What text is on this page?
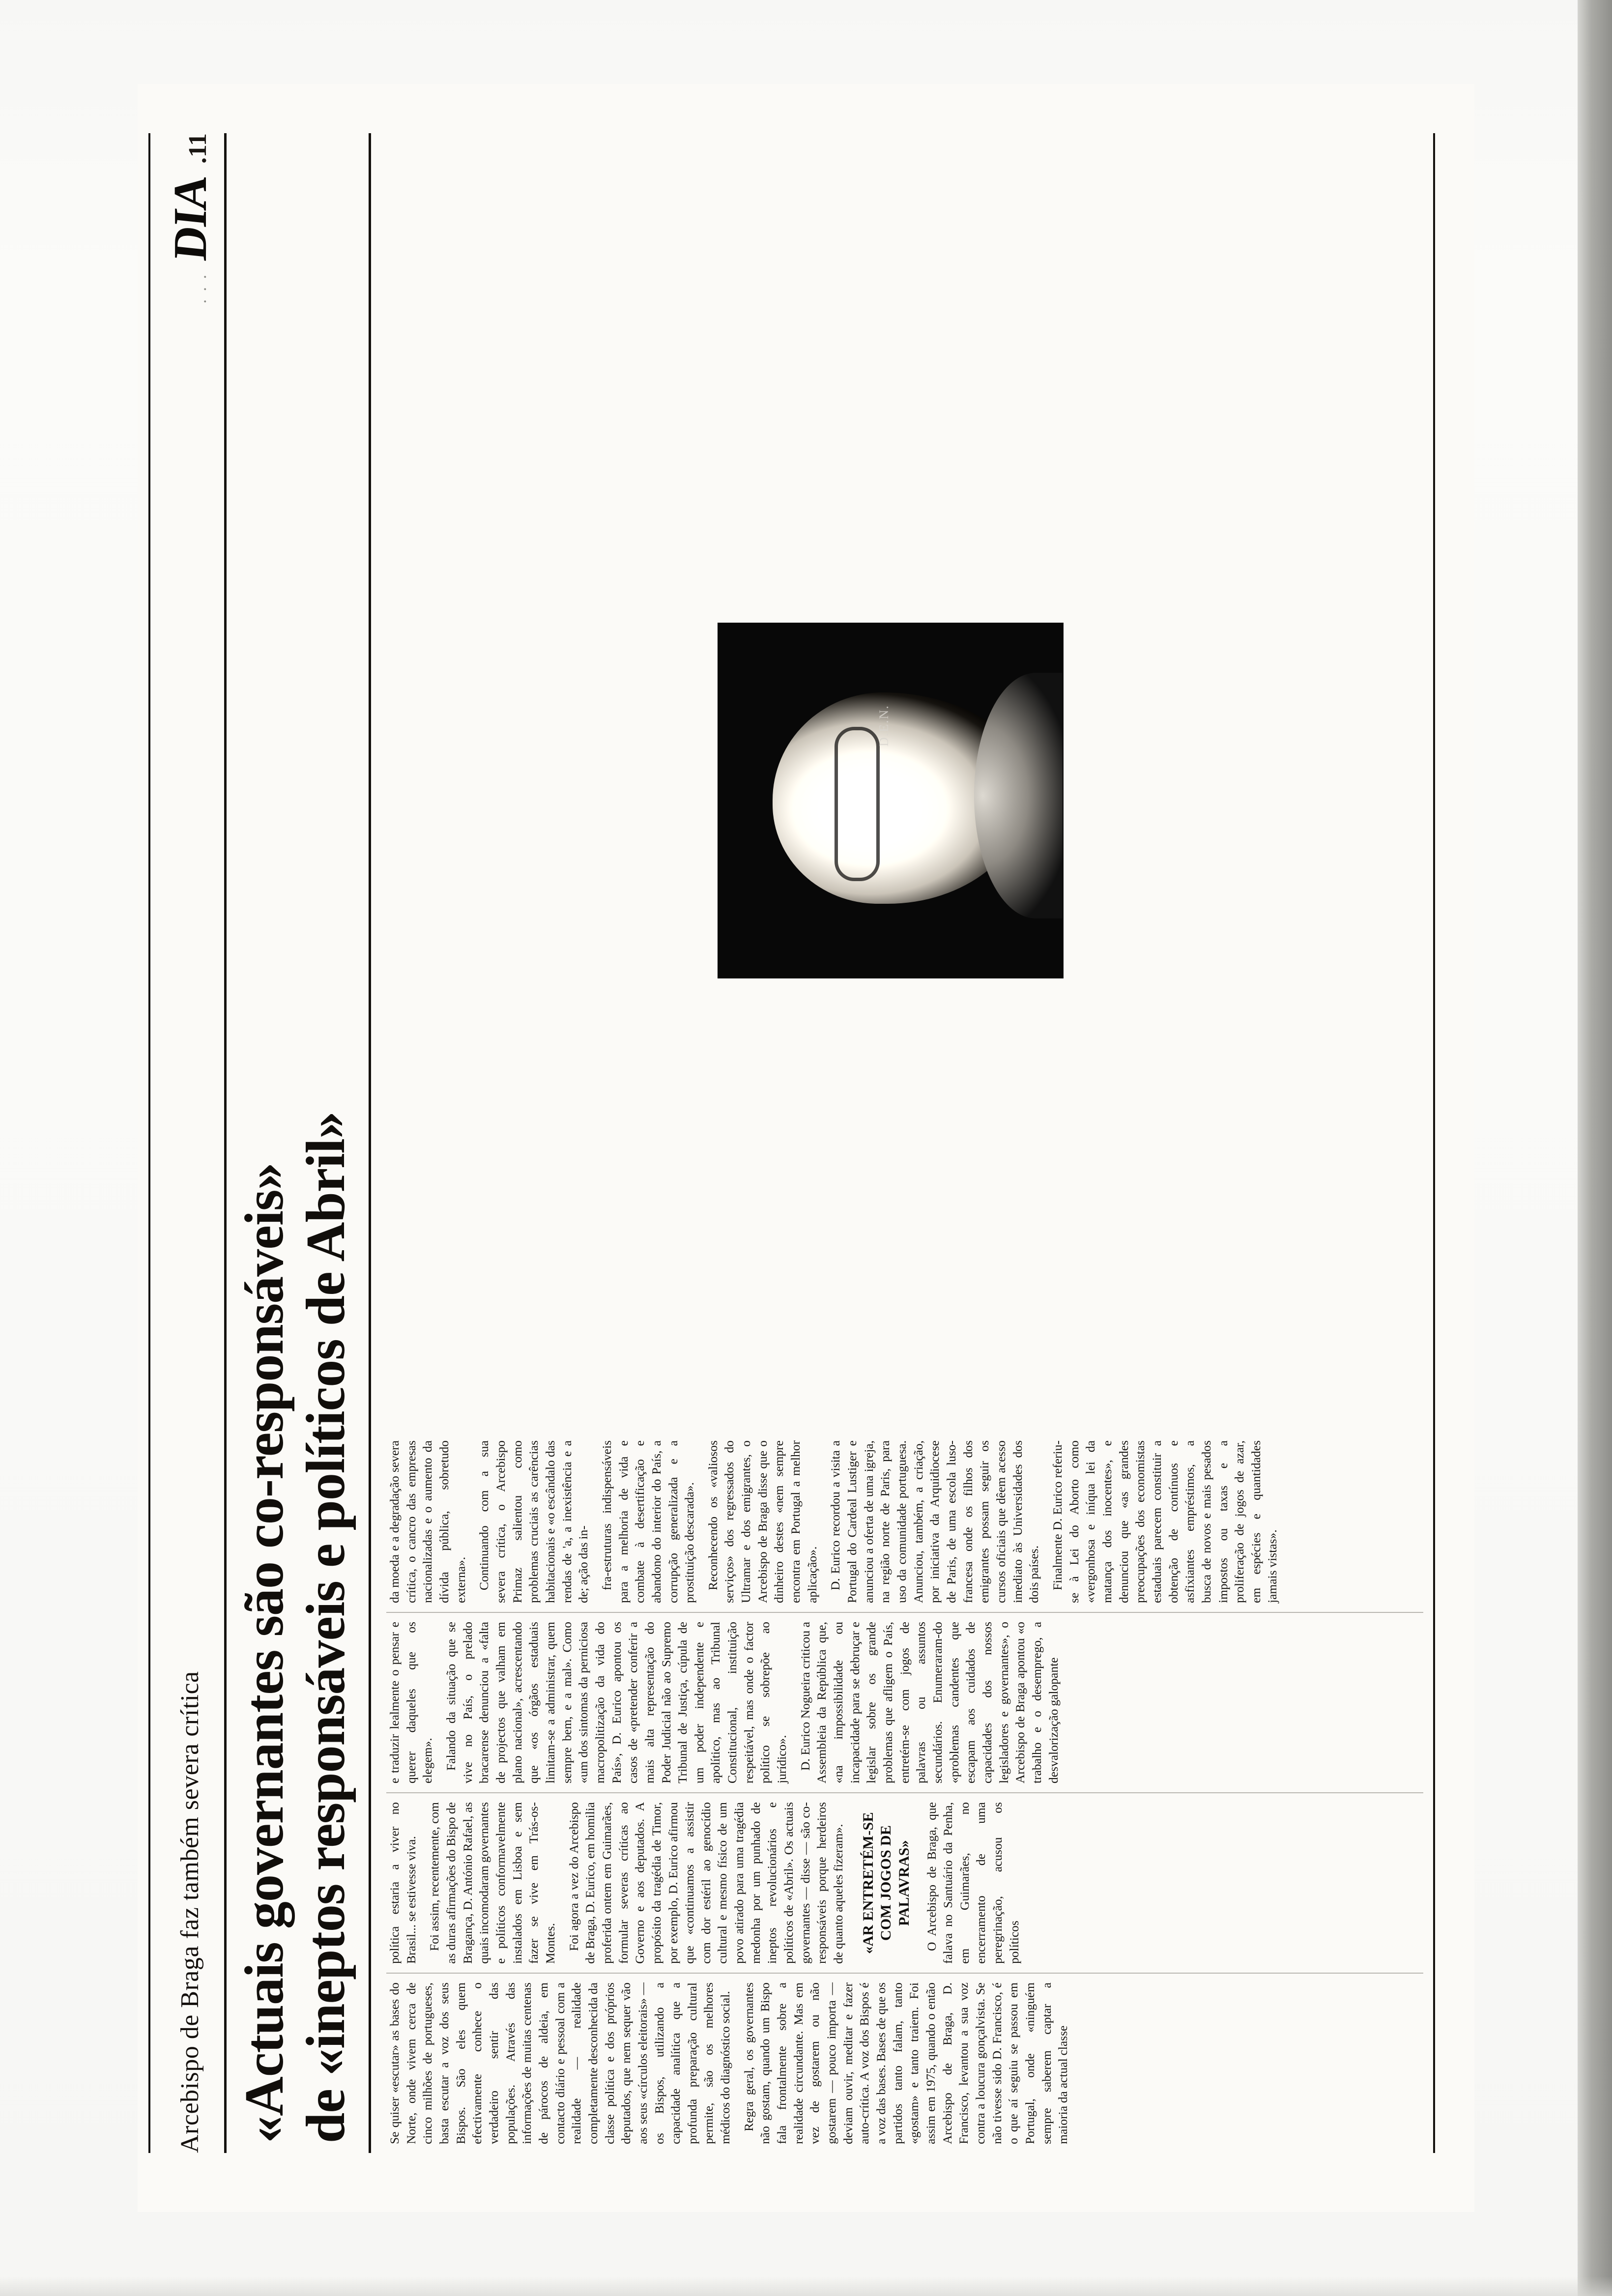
Arcebispo de Braga faz também severa crítica
. . .
DIA
.11
«Actuais governantes são co-responsáveis» de «ineptos responsáveis e políticos de Abril» Se quiser «escutar» as bases do Norte, onde vivem cerca de cinco milhões de portugueses, basta escutar a voz dos seus Bispos. São eles quem efectivamente conhece o verdadeiro sentir das populações. Através das informações de muitas centenas de párocos de aldeia, em contacto diário e pessoal com a realidade — realidade completamente desconhecida da classe política e dos próprios deputados, que nem sequer vão aos seus «círculos eleitorais» — os Bispos, utilizando a capacidade analítica que a profunda preparação cultural permite, são os melhores médicos do diagnóstico social. Regra geral, os governantes não gostam, quando um Bispo fala frontalmente sobre a realidade circundante. Mas em vez de gostarem ou não gostarem — pouco importa — deviam ouvir, meditar e fazer auto-crítica. A voz dos Bispos é a voz das bases. Bases de que os partidos tanto falam, tanto «gostam» e tanto traiem. Foi assim em 1975, quando o então Arcebispo de Braga, D. Francisco, levantou a sua voz contra a loucura gonçalvista. Se não tivesse sido D. Francisco, é o que aí seguiu se passou em Portugal, onde «ninguém sempre saberem captar a maioria da actual classe

política estaria a viver no Brasil... se estivesse viva. Foi assim, recentemente, com as duras afirmações do Bispo de Bragança, D. António Rafael, as quais incomodaram governantes e políticos conformavelmente instalados em Lisboa e sem fazer se vive em Trás-os-Montes. Foi agora a vez do Arcebispo de Braga, D. Eurico, em homilia proferida ontem em Guimarães, formular severas críticas ao Governo e aos deputados. A propósito da tragédia de Timor, por exemplo, D. Eurico afirmou que «continuamos a assistir com dor estéril ao genocídio cultural e mesmo físico de um povo atirado para uma tragédia medonha por um punhado de ineptos revolucionários e políticos de «Abril». Os actuais governantes — disse — são co-responsáveis porque herdeiros de quanto aqueles fizeram». «AR ENTRETÉM-SE COM JOGOS DE PALAVRAS» O Arcebispo de Braga, que falava no Santuário da Penha, em Guimarães, no encerramento de uma peregrinação, acusou os políticos

e traduzir lealmente o pensar e querer daqueles que os elegem». Falando da situação que se vive no País, o prelado bracarense denunciou a «falta de projectos que valham em plano nacional», acrescentando que «os órgãos estaduais limitam-se a administrar, quem sempre bem, e a mal». Como «um dos sintomas da perniciosa macropolitização da vida do País», D. Eurico apontou os casos de «pretender conferir a mais alta representação do Poder Judicial não ao Supremo Tribunal de Justiça, cúpula de um poder independente e apolítico, mas ao Tribunal Constitucional, instituição respeitável, mas onde o factor político se sobrepõe ao jurídico». D. Eurico Nogueira criticou a Assembleia da República que, «na impossibilidade ou incapacidade para se debruçar e legislar sobre os grande problemas que afligem o País, entretém-se com jogos de palavras ou assuntos secundários. Enumeraram-do «problemas candentes que escapam aos cuidados de capacidades dos nossos legisladores e governantes», o Arcebispo de Braga apontou «o trabalho e o desemprego, a desvalorização galopante

da moeda e a degradação severa crítica, o cancro das empresas nacionalizadas e o aumento da dívida pública, sobretudo externa». Continuando com a sua severa crítica, o Arcebispo Primaz salientou como problemas cruciais as carências habitacionais e «o escândalo das rendas de 'a, a inexistência e a de; ação das in- fra-estruturas indispensáveis para a melhoria de vida e combate à desertificação e abandono do interior do País, a corrupção generalizada e a prostituição descarada». Reconhecendo os «valiosos serviços» dos regressados do Ultramar e dos emigrantes, o Arcebispo de Braga disse que o dinheiro destes «nem sempre encontra em Portugal a melhor aplicação». D. Eurico recordou a visita a Portugal do Cardeal Lustiger e anunciou a oferta de uma igreja, na região norte de Paris, para uso da comunidade portuguesa. Anunciou, também, a criação, por iniciativa da Arquidiocese de Paris, de uma escola luso-francesa onde os filhos dos emigrantes possam seguir os cursos oficiais que dêem acesso imediato às Universidades dos dois países. Finalmente D. Eurico referiu-se à Lei do Aborto como «vergonhosa e iníqua lei da matança dos inocentes», e denunciou que «as grandes preocupações dos economistas estaduais parecem constituir a obtenção de contínuos e asfixiantes empréstimos, a busca de novos e mais pesados impostos ou taxas e a proliferação de jogos de azar, em espécies e quantidades jamais vistas».

D.E.N.
